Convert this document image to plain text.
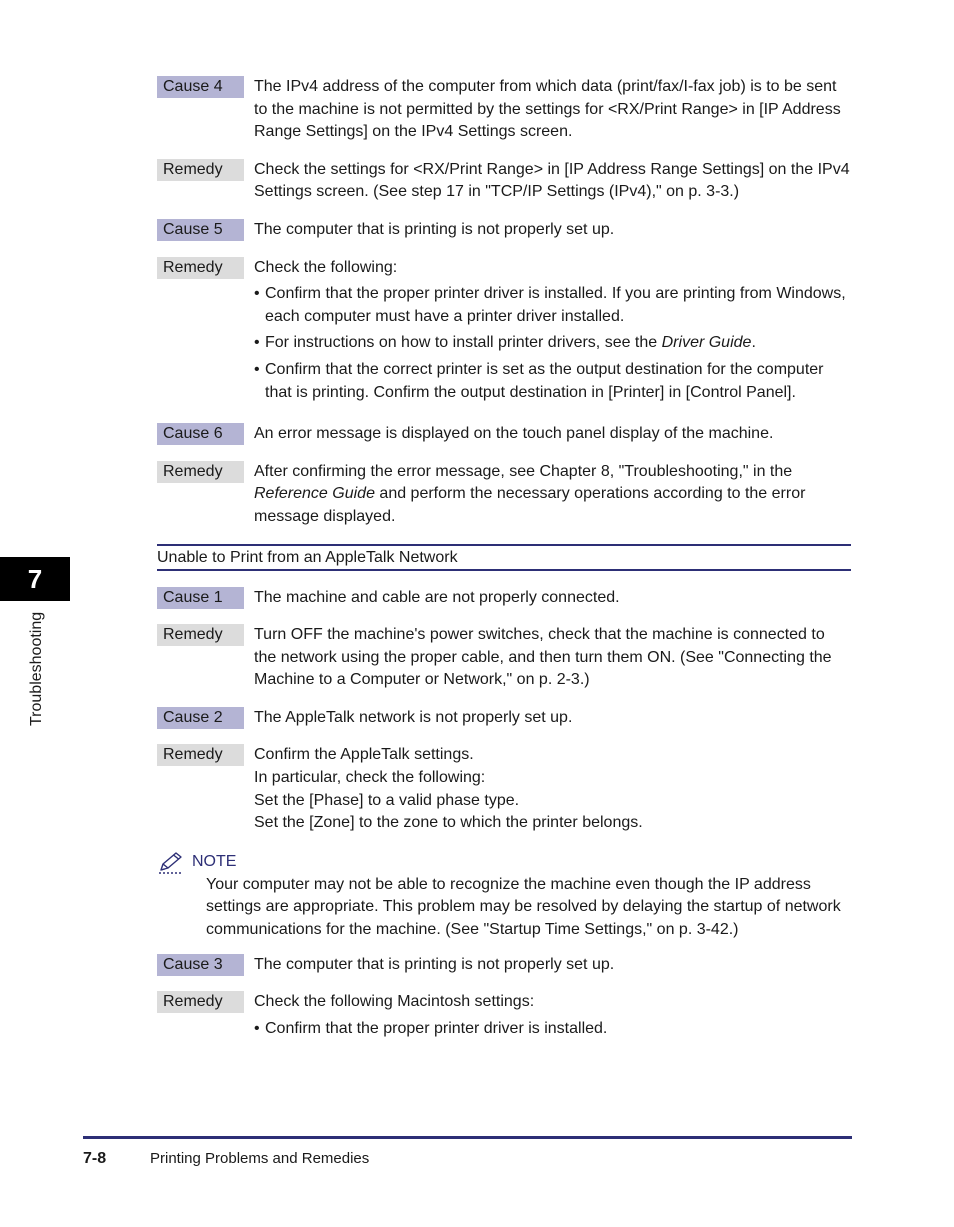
Cause 4	The IPv4 address of the computer from which data (print/fax/I-fax job) is to be sent to the machine is not permitted by the settings for <RX/Print Range> in [IP Address Range Settings] on the IPv4 Settings screen.
Remedy	Check the settings for <RX/Print Range> in [IP Address Range Settings] on the IPv4 Settings screen. (See step 17 in "TCP/IP Settings (IPv4)," on p. 3-3.)
Cause 5	The computer that is printing is not properly set up.
Remedy	Check the following:

• Confirm that the proper printer driver is installed. If you are printing from Windows, each computer must have a printer driver installed.
• For instructions on how to install printer drivers, see the Driver Guide.
• Confirm that the correct printer is set as the output destination for the computer that is printing. Confirm the output destination in [Printer] in [Control Panel].
Cause 6	An error message is displayed on the touch panel display of the machine.
Remedy	After confirming the error message, see Chapter 8, "Troubleshooting," in the Reference Guide and perform the necessary operations according to the error message displayed.
Unable to Print from an AppleTalk Network
Cause 1	The machine and cable are not properly connected.
Remedy	Turn OFF the machine's power switches, check that the machine is connected to the network using the proper cable, and then turn them ON. (See "Connecting the Machine to a Computer or Network," on p. 2-3.)
Cause 2	The AppleTalk network is not properly set up.
Remedy	Confirm the AppleTalk settings.

In particular, check the following:

Set the [Phase] to a valid phase type.

Set the [Zone] to the zone to which the printer belongs.

NOTE
Your computer may not be able to recognize the machine even though the IP address settings are appropriate. This problem may be resolved by delaying the startup of network communications for the machine. (See "Startup Time Settings," on p. 3-42.)
Cause 3	The computer that is printing is not properly set up.
Remedy	Check the following Macintosh settings:

• Confirm that the proper printer driver is installed.
7
Troubleshooting
7-8	Printing Problems and Remedies
